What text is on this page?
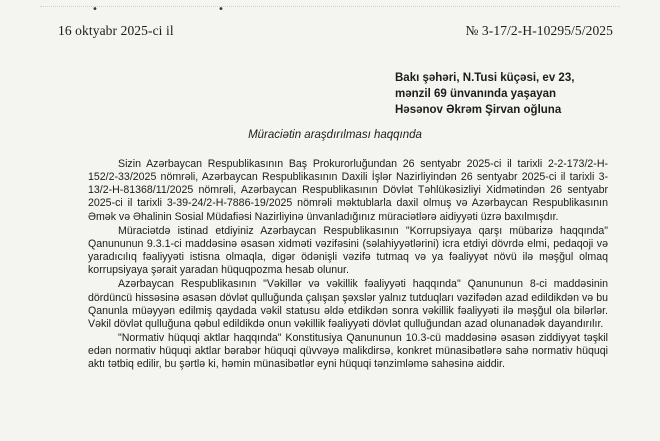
•	•
16 oktyabr 2025-ci il	№ 3-17/2-H-10295/5/2025
Bakı şəhəri, N.Tusi küçəsi, ev 23,
mənzil 69 ünvanında yaşayan
Həsənov Əkrəm Şirvan oğluna
Müraciətin araşdırılması haqqında

Sizin Azərbaycan Respublikasının Baş Prokurorluğundan 26 sentyabr 2025-ci il tarixli 2-2-173/2-H-152/2-33/2025 nömrəli, Azərbaycan Respublikasının Daxili İşlər Nazirliyindən 26 sentyabr 2025-ci il tarixli 3-13/2-H-81368/11/2025 nömrəli, Azərbaycan Respublikasının Dövlət Təhlükəsizliyi Xidmətindən 26 sentyabr 2025-ci il tarixli 3-39-24/2-H-7886-19/2025 nömrəli məktublarla daxil olmuş və Azərbaycan Respublikasının Əmək və Əhalinin Sosial Müdafiəsi Nazirliyinə ünvanladığınız müraciətlərə aidiyyəti üzrə baxılmışdır.

Müraciətdə istinad etdiyiniz Azərbaycan Respublikasının "Korrupsiyaya qarşı mübarizə haqqında" Qanununun 9.3.1-ci maddəsinə əsasən xidməti vəzifəsini (səlahiyyətlərini) icra etdiyi dövrdə elmi, pedaqoji və yaradıcılıq fəaliyyəti istisna olmaqla, digər ödənişli vəzifə tutmaq və ya fəaliyyət növü ilə məşğul olmaq korrupsiyaya şərait yaradan hüquqpozma hesab olunur.

Azərbaycan Respublikasının "Vəkillər və vəkillik fəaliyyəti haqqında" Qanununun 8-ci maddəsinin dördüncü hissəsinə əsasən dövlət qulluğunda çalışan şəxslər yalnız tutduqları vəzifədən azad edildikdən və bu Qanunla müəyyən edilmiş qaydada vəkil statusu əldə etdikdən sonra vəkillik fəaliyyəti ilə məşğul ola bilərlər. Vəkil dövlət qulluğuna qəbul edildikdə onun vəkillik fəaliyyəti dövlət qulluğundan azad olunanadək dayandırılır.

"Normativ hüquqi aktlar haqqında" Konstitusiya Qanununun 10.3-cü maddəsinə əsasən ziddiyyət təşkil edən normativ hüquqi aktlar bərabər hüquqi qüvvəyə malikdirsə, konkret münasibətlərə sahə normativ hüquqi aktı tətbiq edilir, bu şərtlə ki, həmin münasibətlər eyni hüquqi tənzimləmə sahəsinə aiddir.
